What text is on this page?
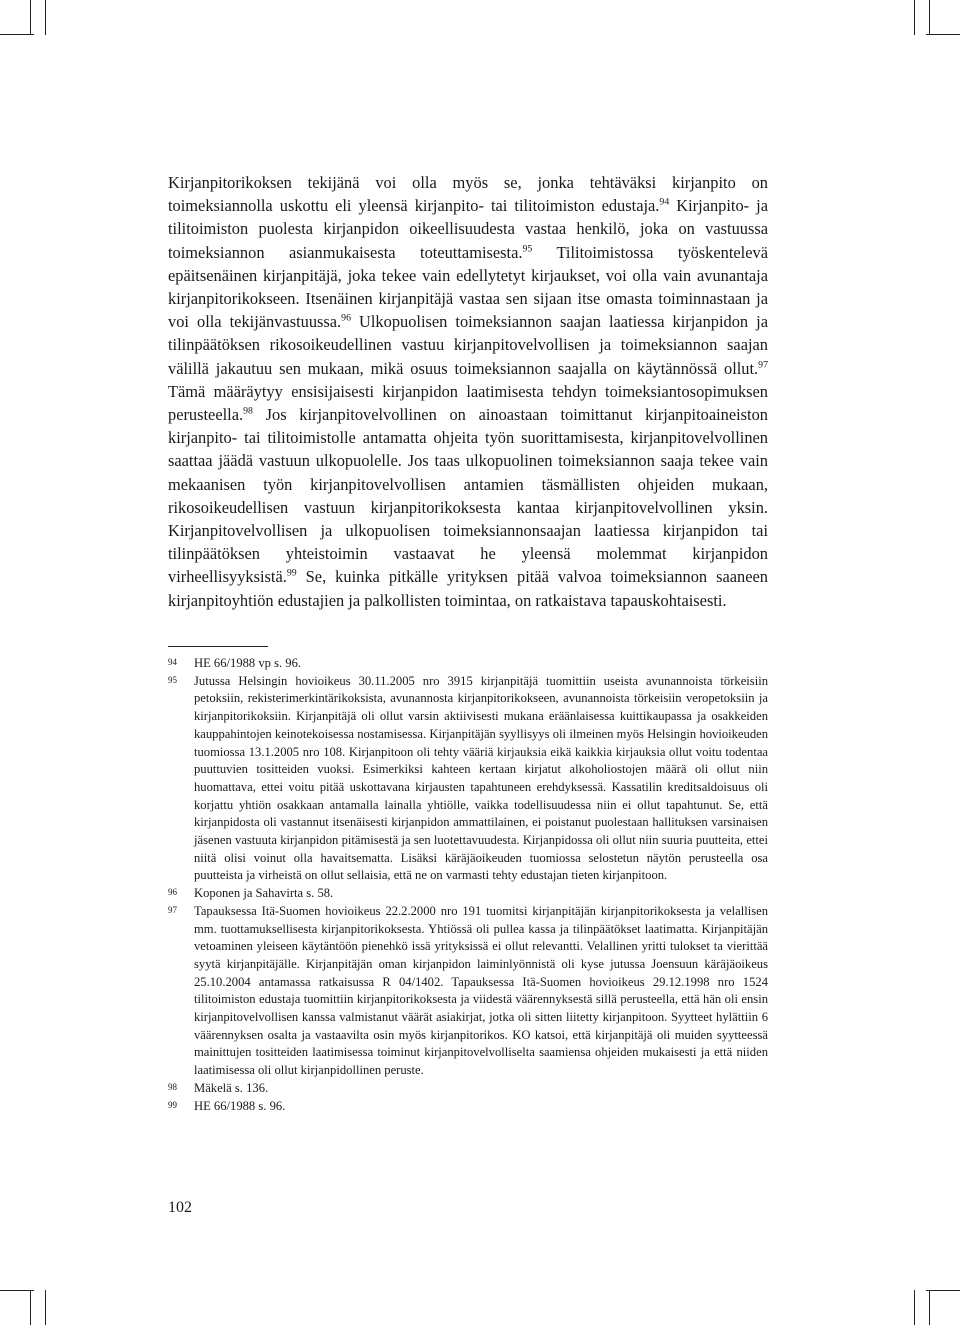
Kirjanpitorikoksen tekijänä voi olla myös se, jonka tehtäväksi kirjanpito on toimeksiannolla uskottu eli yleensä kirjanpito- tai tilitoimiston edustaja.$^{94}$ Kirjanpito- ja tilitoimiston puolesta kirjanpidon oikeellisuudesta vastaa henkilö, joka on vastuussa toimeksiannon asianmukaisesta toteuttamisesta.$^{95}$ Tilitoimistossa työskentelevä epäitsenäinen kirjanpitäjä, joka tekee vain edellytetyt kirjaukset, voi olla vain avunantaja kirjanpitorikokseen. Itsenäinen kirjanpitäjä vastaa sen sijaan itse omasta toiminnastaan ja voi olla tekijänvastuussa.$^{96}$ Ulkopuolisen toimeksiannon saajan laatiessa kirjanpidon ja tilinpäätöksen rikosoikeudellinen vastuu kirjanpitovelvollisen ja toimeksiannon saajan välillä jakautuu sen mukaan, mikä osuus toimeksiannon saajalla on käytännössä ollut.$^{97}$ Tämä määräytyy ensisijaisesti kirjanpidon laatimisesta tehdyn toimeksiantosopimuksen perusteella.$^{98}$ Jos kirjanpitovelvollinen on ainoastaan toimittanut kirjanpitoaineiston kirjanpito- tai tilitoimistolle antamatta ohjeita työn suorittamisesta, kirjanpitovelvollinen saattaa jäädä vastuun ulkopuolelle. Jos taas ulkopuolinen toimeksiannon saaja tekee vain mekaanisen työn kirjanpitovelvollisen antamien täsmällisten ohjeiden mukaan, rikosoikeudellisen vastuun kirjanpitorikoksesta kantaa kirjanpitovelvollinen yksin. Kirjanpitovelvollisen ja ulkopuolisen toimeksiannonsaajan laatiessa kirjanpidon tai tilinpäätöksen yhteistoimin vastaavat he yleensä molemmat kirjanpidon virheellisyyksistä.$^{99}$ Se, kuinka pitkälle yrityksen pitää valvoa toimeksiannon saaneen kirjanpitoyhtiön edustajien ja palkollisten toimintaa, on ratkaistava tapauskohtaisesti.

94	HE 66/1988 vp s. 96.
95	Jutussa Helsingin hovioikeus 30.11.2005 nro 3915 kirjanpitäjä tuomittiin useista avunannoista törkeisiin petoksiin, rekisterimerkintärikoksista, avunannosta kirjanpitorikokseen, avunannoista törkeisiin veropetoksiin ja kirjanpitorikoksiin. Kirjanpitäjä oli ollut varsin aktiivisesti mukana eräänlaisessa kuittikaupassa ja osakkeiden kauppahintojen keinotekoisessa nostamisessa. Kirjanpitäjän syyllisyys oli ilmeinen myös Helsingin hovioikeuden tuomiossa 13.1.2005 nro 108. Kirjanpitoon oli tehty vääriä kirjauksia eikä kaikkia kirjauksia ollut voitu todentaa puuttuvien tositteiden vuoksi. Esimerkiksi kahteen kertaan kirjatut alkoholiostojen määrä oli ollut niin huomattava, ettei voitu pitää uskottavana kirjausten tapahtuneen erehdyksessä. Kassatilin kreditsaldoisuus oli korjattu yhtiön osakkaan antamalla lainalla yhtiölle, vaikka todellisuudessa niin ei ollut tapahtunut. Se, että kirjanpidosta oli vastannut itsenäisesti kirjanpidon ammattilainen, ei poistanut puolestaan hallituksen varsinaisen jäsenen vastuuta kirjanpidon pitämisestä ja sen luotettavuudesta. Kirjanpidossa oli ollut niin suuria puutteita, ettei niitä olisi voinut olla havaitsematta. Lisäksi käräjäoikeuden tuomiossa selostetun näytön perusteella osa puutteista ja virheistä on ollut sellaisia, että ne on varmasti tehty edustajan tieten kirjanpitoon.
96	Koponen ja Sahavirta s. 58.
97	Tapauksessa Itä-Suomen hovioikeus 22.2.2000 nro 191 tuomitsi kirjanpitäjän kirjanpitorikoksesta ja velallisen mm. tuottamuksellisesta kirjanpitorikoksesta. Yhtiössä oli pullea kassa ja tilinpäätökset laatimatta. Kirjanpitäjän vetoaminen yleiseen käytäntöön pienehkö issä yrityksissä ei ollut relevantti. Velallinen yritti tulokset ta vierittää syytä kirjanpitäjälle. Kirjanpitäjän oman kirjanpidon laiminlyönnistä oli kyse jutussa Joensuun käräjäoikeus 25.10.2004 antamassa ratkaisussa R 04/1402. Tapauksessa Itä-Suomen hovioikeus 29.12.1998 nro 1524 tilitoimiston edustaja tuomittiin kirjanpitorikoksesta ja viidestä väärennyksestä sillä perusteella, että hän oli ensin kirjanpitovelvollisen kanssa valmistanut väärät asiakirjat, jotka oli sitten liitetty kirjanpitoon. Syytteet hylättiin 6 väärennyksen osalta ja vastaavilta osin myös kirjanpitorikos. KO katsoi, että kirjanpitäjä oli muiden syytteessä mainittujen tositteiden laatimisessa toiminut kirjanpitovelvolliselta saamiensa ohjeiden mukaisesti ja että niiden laatimisessa oli ollut kirjanpidollinen peruste.
98	Mäkelä s. 136.
99	HE 66/1988 s. 96.
102
